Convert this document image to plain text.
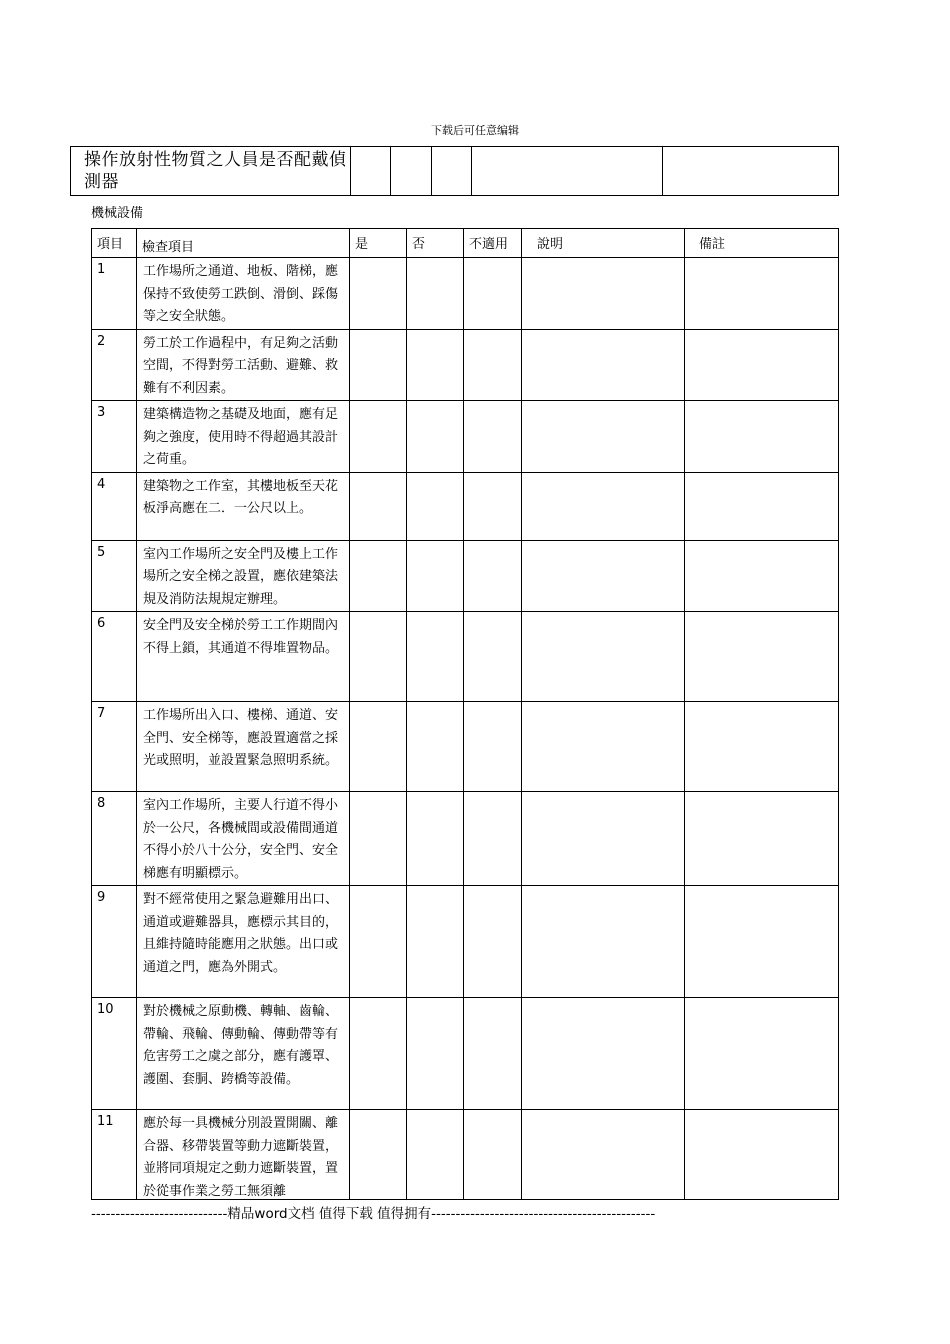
下载后可任意编辑
操作放射性物質之人員是否配戴偵測器					
機械設備
項目	檢查項目	是	否	不適用	說明	備註
1	工作場所之通道、地板、階梯，應保持不致使勞工跌倒、滑倒、踩傷等之安全狀態。					
2	勞工於工作過程中，有足夠之活動空間，不得對勞工活動、避難、救難有不利因素。					
3	建築構造物之基礎及地面，應有足夠之強度，使用時不得超過其設計之荷重。					
4	建築物之工作室，其樓地板至天花板淨高應在二．一公尺以上。					
5	室內工作場所之安全門及樓上工作場所之安全梯之設置，應依建築法規及消防法規規定辦理。					
6	安全門及安全梯於勞工工作期間內不得上鎖，其通道不得堆置物品。					
7	工作場所出入口、樓梯、通道、安全門、安全梯等，應設置適當之採光或照明，並設置緊急照明系統。					
8	室內工作場所，主要人行道不得小於一公尺，各機械間或設備間通道不得小於八十公分，安全門、安全梯應有明顯標示。					
9	對不經常使用之緊急避難用出口、通道或避難器具，應標示其目的，且維持隨時能應用之狀態。出口或通道之門，應為外開式。					
10	對於機械之原動機、轉軸、齒輪、帶輪、飛輪、傳動輪、傳動帶等有危害勞工之虞之部分，應有護罩、護圍、套胴、跨橋等設備。					
11	應於每一具機械分別設置開關、離合器、移帶裝置等動力遮斷裝置，並將同項規定之動力遮斷裝置，置於從事作業之勞工無須離					

----------------------------精品word文档 值得下载 值得拥有----------------------------------------------
